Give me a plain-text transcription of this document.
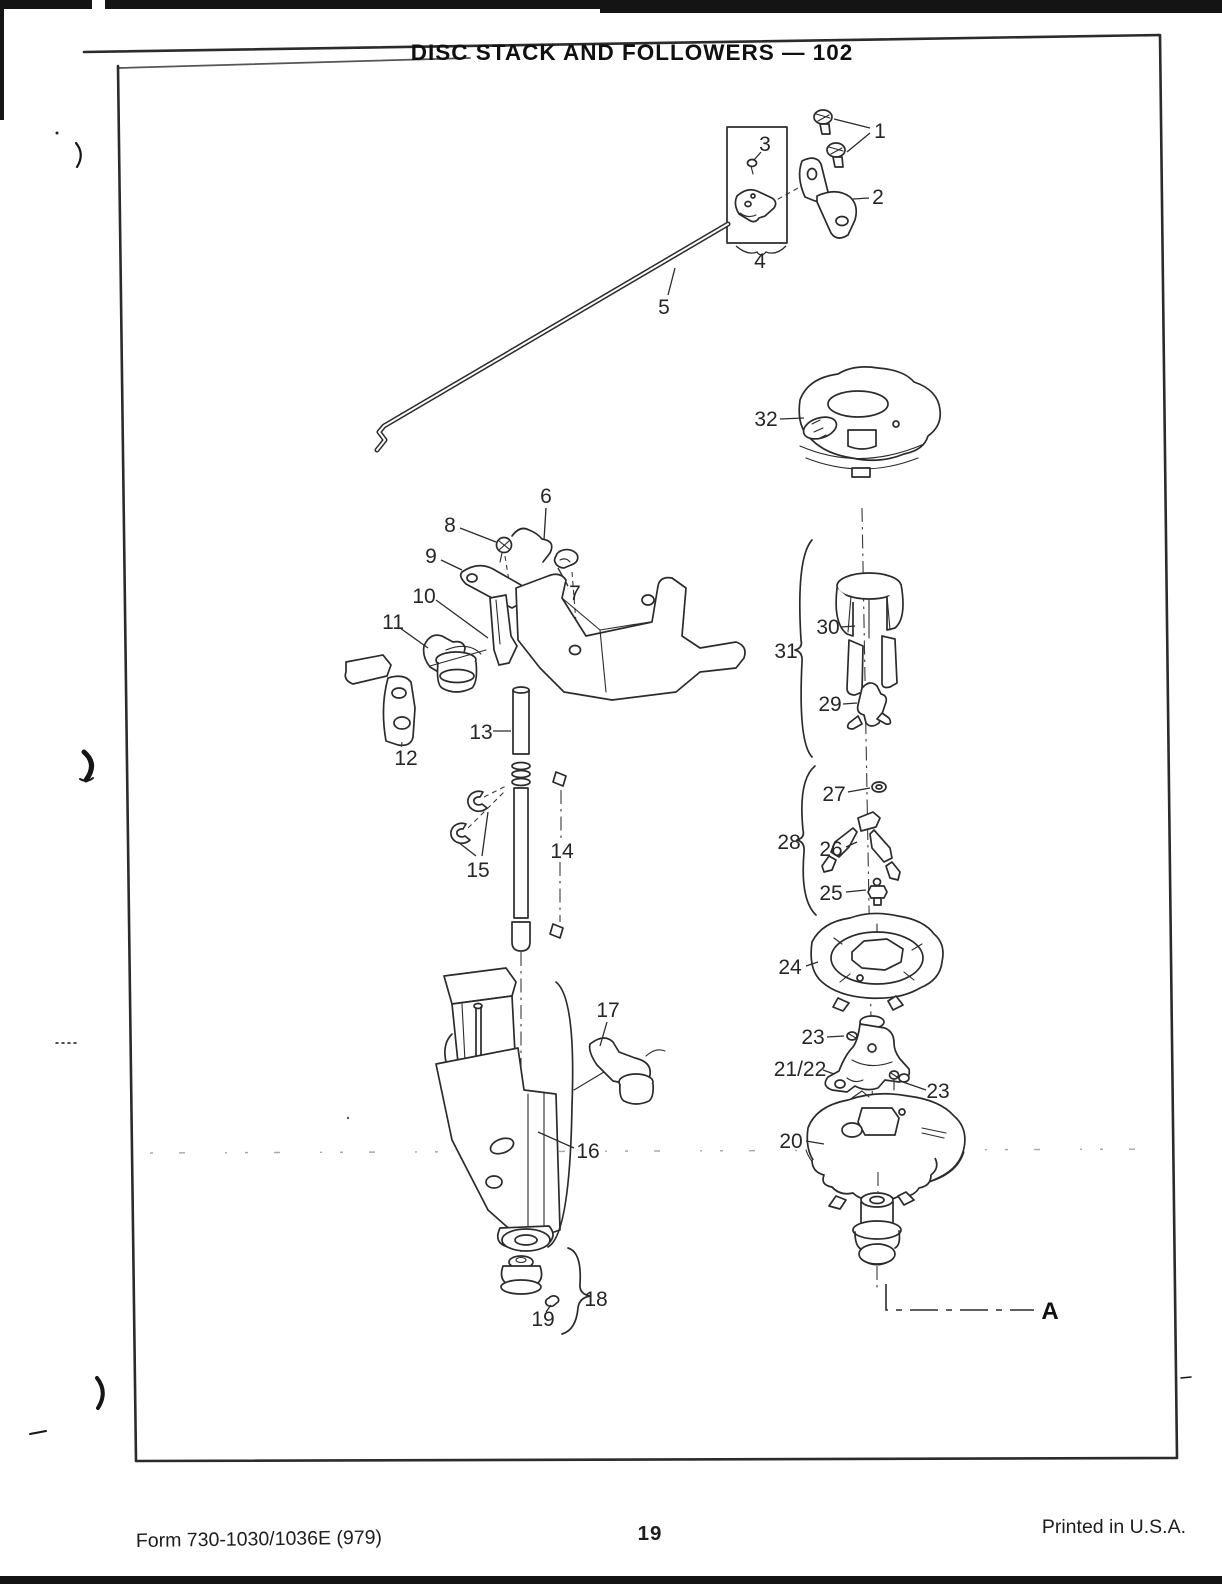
DISC STACK AND FOLLOWERS — 102
1
2
3
4
5
6
7
8
9
10
11
12
13
14
15
16
17
18
19
20
21/22
23
23
24
25
26
27
28
29
30
31
32
A
Form 730-1030/1036E (979)	19	Printed in U.S.A.
